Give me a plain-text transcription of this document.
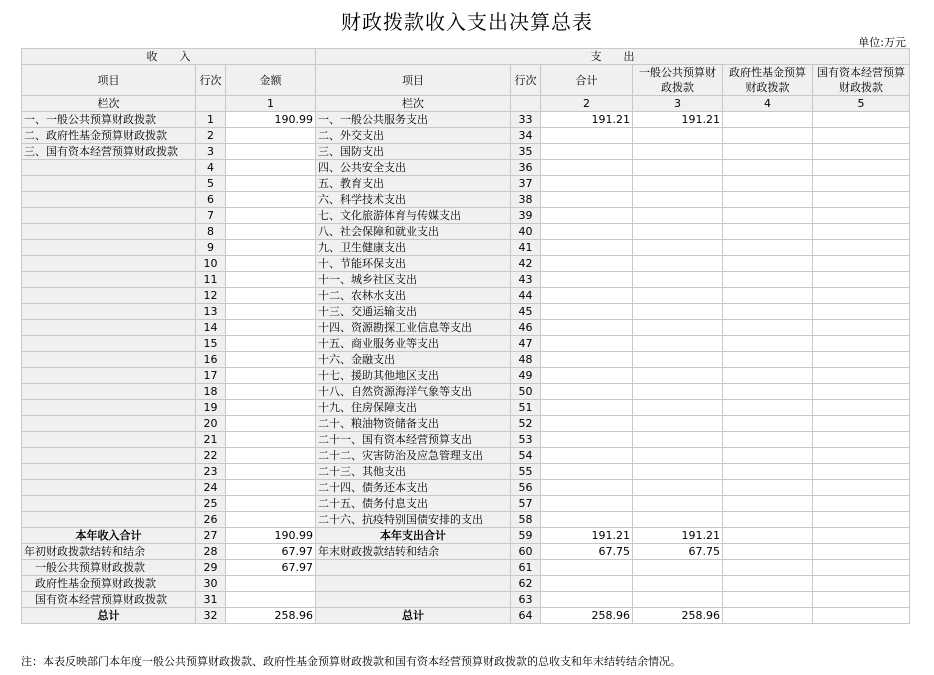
财政拨款收入支出决算总表
单位:万元
收　　入			支　　出					
项目	行次	金额	项目	行次	合计	一般公共预算财政拨款	政府性基金预算财政拨款	国有资本经营预算财政拨款
栏次		1	栏次		2	3	4	5
一、一般公共预算财政拨款	1	190.99	一、一般公共服务支出	33	191.21	191.21		
二、政府性基金预算财政拨款	2		二、外交支出	34				
三、国有资本经营预算财政拨款	3		三、国防支出	35				
	4		四、公共安全支出	36				
	5		五、教育支出	37				
	6		六、科学技术支出	38				
	7		七、文化旅游体育与传媒支出	39				
	8		八、社会保障和就业支出	40				
	9		九、卫生健康支出	41				
	10		十、节能环保支出	42				
	11		十一、城乡社区支出	43				
	12		十二、农林水支出	44				
	13		十三、交通运输支出	45				
	14		十四、资源勘探工业信息等支出	46				
	15		十五、商业服务业等支出	47				
	16		十六、金融支出	48				
	17		十七、援助其他地区支出	49				
	18		十八、自然资源海洋气象等支出	50				
	19		十九、住房保障支出	51				
	20		二十、粮油物资储备支出	52				
	21		二十一、国有资本经营预算支出	53				
	22		二十二、灾害防治及应急管理支出	54				
	23		二十三、其他支出	55				
	24		二十四、债务还本支出	56				
	25		二十五、债务付息支出	57				
	26		二十六、抗疫特别国债安排的支出	58				
本年收入合计	27	190.99	本年支出合计	59	191.21	191.21		
年初财政拨款结转和结余	28	67.97	年末财政拨款结转和结余	60	67.75	67.75		
　一般公共预算财政拨款	29	67.97		61				
　政府性基金预算财政拨款	30			62				
　国有资本经营预算财政拨款	31			63				
总计	32	258.96	总计	64	258.96	258.96		
注：本表反映部门本年度一般公共预算财政拨款、政府性基金预算财政拨款和国有资本经营预算财政拨款的总收支和年末结转结余情况。
